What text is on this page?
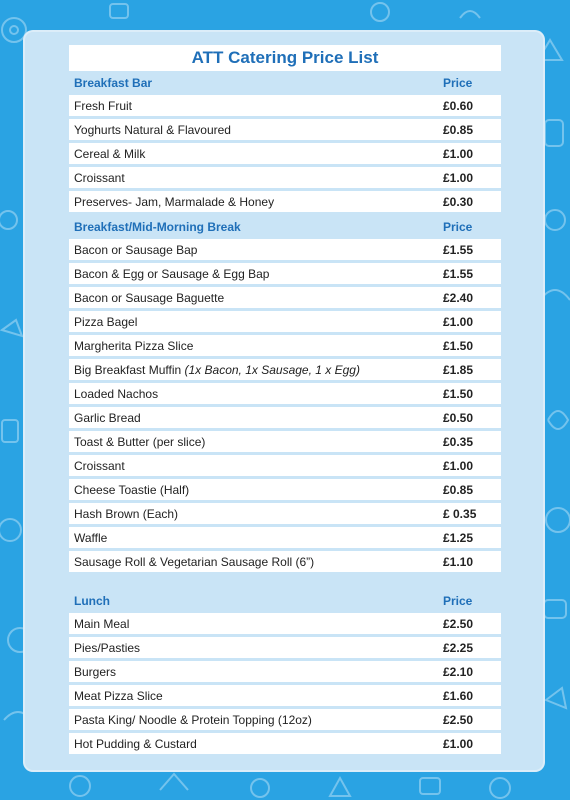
ATT Catering Price List
Breakfast Bar	Price
Fresh Fruit	£0.60
Yoghurts Natural & Flavoured	£0.85
Cereal & Milk	£1.00
Croissant	£1.00
Preserves- Jam, Marmalade & Honey	£0.30
Breakfast/Mid-Morning Break	Price
Bacon or Sausage Bap	£1.55
Bacon & Egg or Sausage & Egg Bap	£1.55
Bacon or Sausage Baguette	£2.40
Pizza Bagel	£1.00
Margherita Pizza Slice	£1.50
Big Breakfast Muffin (1x Bacon, 1x Sausage, 1 x Egg)	£1.85
Loaded Nachos	£1.50
Garlic Bread	£0.50
Toast & Butter (per slice)	£0.35
Croissant	£1.00
Cheese Toastie (Half)	£0.85
Hash Brown (Each)	£ 0.35
Waffle	£1.25
Sausage Roll & Vegetarian Sausage Roll (6”)	£1.10

Lunch	Price
Main Meal	£2.50
Pies/Pasties	£2.25
Burgers	£2.10
Meat Pizza Slice	£1.60
Pasta King/ Noodle & Protein Topping (12oz)	£2.50
Hot Pudding & Custard	£1.00
